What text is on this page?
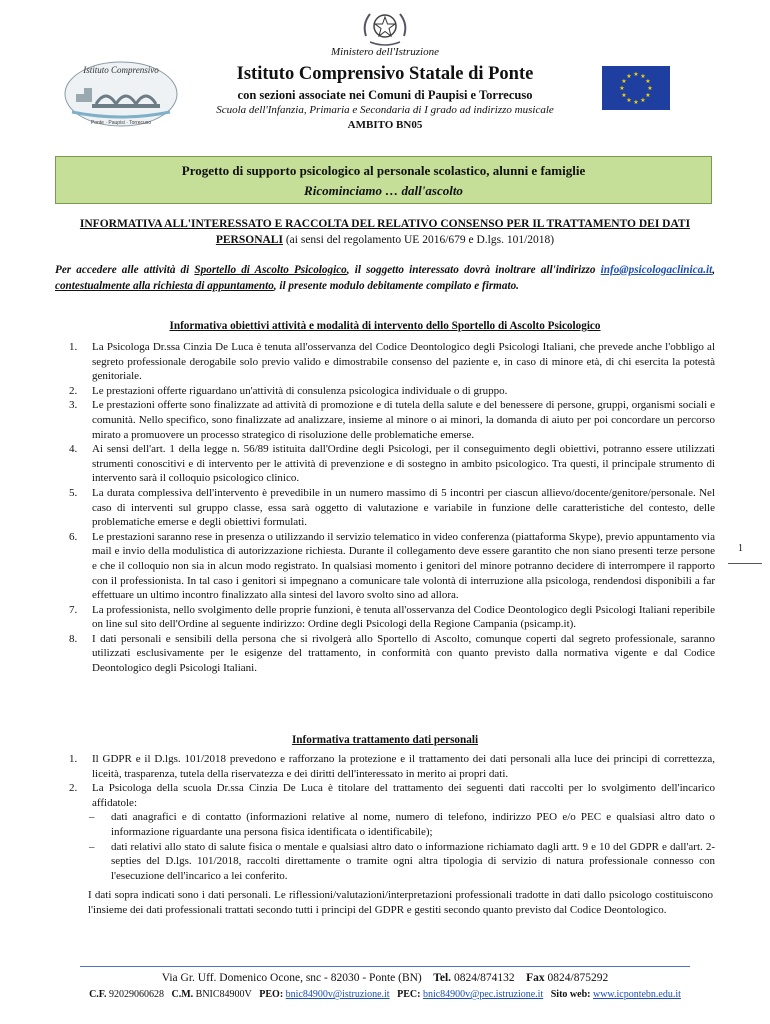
Ministero dell'Istruzione
Istituto Comprensivo
Ponte · Paupisi · Torrecuso
★ ★
★
★
★
★
★
★
★
★
★
★
Istituto Comprensivo Statale di Ponte
con sezioni associate nei Comuni di Paupisi e Torrecuso
Scuola dell'Infanzia, Primaria e Secondaria di I grado ad indirizzo musicale
AMBITO BN05
Progetto di supporto psicologico al personale scolastico, alunni e famiglie
Ricominciamo … dall'ascolto
INFORMATIVA ALL'INTERESSATO E RACCOLTA DEL RELATIVO CONSENSO PER IL TRATTAMENTO DEI DATI PERSONALI (ai sensi del regolamento UE 2016/679 e D.lgs. 101/2018)
Per accedere alle attività di Sportello di Ascolto Psicologico, il soggetto interessato dovrà inoltrare all'indirizzo info@psicologaclinica.it, contestualmente alla richiesta di appuntamento, il presente modulo debitamente compilato e firmato.
Informativa obiettivi attività e modalità di intervento dello Sportello di Ascolto Psicologico
1. La Psicologa Dr.ssa Cinzia De Luca è tenuta all'osservanza del Codice Deontologico degli Psicologi Italiani, che prevede anche l'obbligo al segreto professionale derogabile solo previo valido e dimostrabile consenso del paziente e, in caso di minore età, di chi esercita la potestà genitoriale.
2. Le prestazioni offerte riguardano un'attività di consulenza psicologica individuale o di gruppo.
3. Le prestazioni offerte sono finalizzate ad attività di promozione e di tutela della salute e del benessere di persone, gruppi, organismi sociali e comunità. Nello specifico, sono finalizzate ad analizzare, insieme al minore o ai minori, la domanda di aiuto per poi concordare un percorso mirato a promuovere un processo strategico di risoluzione delle problematiche emerse.
4. Ai sensi dell'art. 1 della legge n. 56/89 istituita dall'Ordine degli Psicologi, per il conseguimento degli obiettivi, potranno essere utilizzati strumenti conoscitivi e di intervento per le attività di prevenzione e di sostegno in ambito psicologico. Tra questi, il principale strumento di intervento sarà il colloquio psicologico clinico.
5. La durata complessiva dell'intervento è prevedibile in un numero massimo di 5 incontri per ciascun allievo/docente/genitore/personale. Nel caso di interventi sul gruppo classe, essa sarà oggetto di valutazione e variabile in funzione delle caratteristiche del contesto, delle problematiche emerse e degli obiettivi formulati.
6. Le prestazioni saranno rese in presenza o utilizzando il servizio telematico in video conferenza (piattaforma Skype), previo appuntamento via mail e invio della modulistica di autorizzazione richiesta. Durante il collegamento deve essere garantito che non siano presenti terze persone e che il colloquio non sia in alcun modo registrato. In qualsiasi momento i genitori del minore potranno decidere di interrompere il rapporto con il professionista. In tal caso i genitori si impegnano a comunicare tale volontà di interruzione alla psicologa, rendendosi disponibili a far effettuare un ultimo incontro finalizzato alla sintesi del lavoro svolto sino ad allora.
7. La professionista, nello svolgimento delle proprie funzioni, è tenuta all'osservanza del Codice Deontologico degli Psicologi Italiani reperibile on line sul sito dell'Ordine al seguente indirizzo: Ordine degli Psicologi della Regione Campania (psicamp.it).
8. I dati personali e sensibili della persona che si rivolgerà allo Sportello di Ascolto, comunque coperti dal segreto professionale, saranno utilizzati esclusivamente per le esigenze del trattamento, in conformità con quanto previsto dalla normativa vigente e dal Codice Deontologico degli Psicologi Italiani.
Informativa trattamento dati personali
1. Il GDPR e il D.lgs. 101/2018 prevedono e rafforzano la protezione e il trattamento dei dati personali alla luce dei principi di correttezza, liceità, trasparenza, tutela della riservatezza e dei diritti dell'interessato in merito ai propri dati.
2. La Psicologa della scuola Dr.ssa Cinzia De Luca è titolare del trattamento dei seguenti dati raccolti per lo svolgimento dell'incarico affidatole:
– dati anagrafici e di contatto (informazioni relative al nome, numero di telefono, indirizzo PEO e/o PEC e qualsiasi altro dato o informazione riguardante una persona fisica identificata o identificabile);
– dati relativi allo stato di salute fisica o mentale e qualsiasi altro dato o informazione richiamato dagli artt. 9 e 10 del GDPR e dall'art. 2-septies del D.lgs. 101/2018, raccolti direttamente o tramite ogni altra tipologia di servizio di natura professionale connesso con l'esecuzione dell'incarico a lei conferito.
I dati sopra indicati sono i dati personali. Le riflessioni/valutazioni/interpretazioni professionali tradotte in dati dallo psicologo costituiscono l'insieme dei dati professionali trattati secondo tutti i principi del GDPR e gestiti secondo quanto previsto dal Codice Deontologico.
1
Via Gr. Uff. Domenico Ocone, snc - 82030 - Ponte (BN) Tel. 0824/874132 Fax 0824/875292
C.F. 92029060628 C.M. BNIC84900V PEO: bnic84900v@istruzione.it PEC: bnic84900v@pec.istruzione.it Sito web: www.icpontebn.edu.it
